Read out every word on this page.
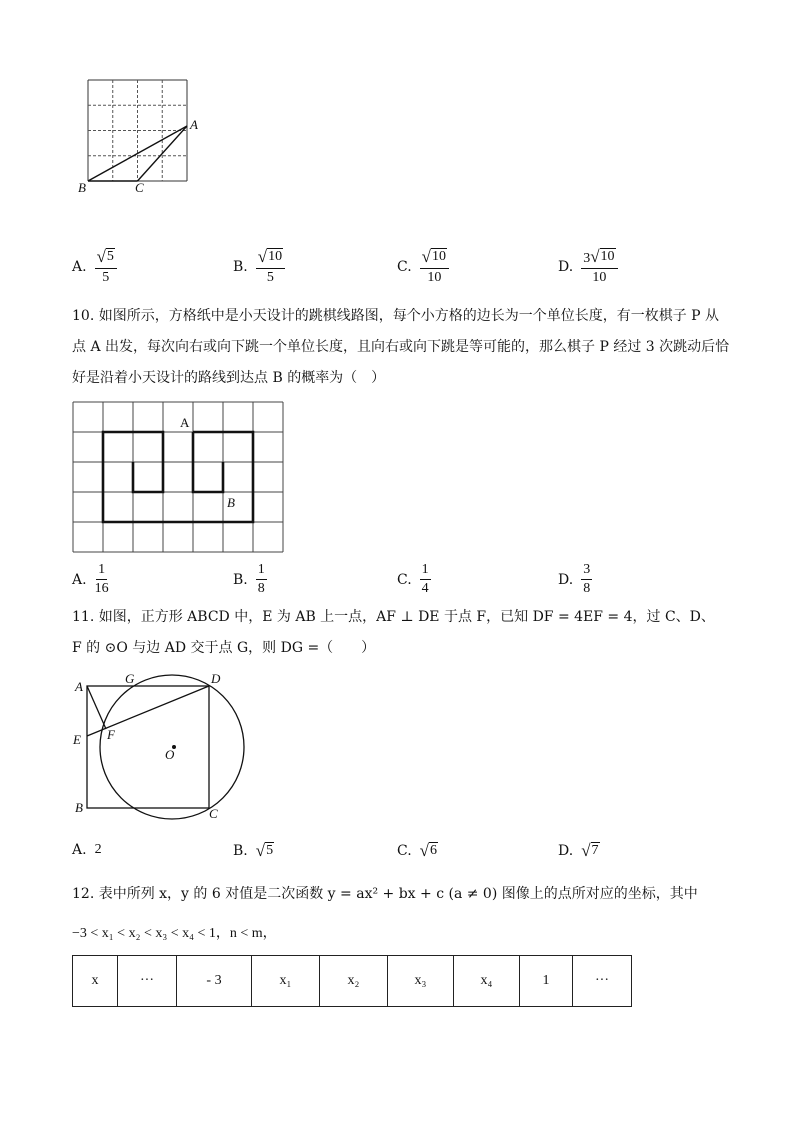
A
B	C
A. $\frac{√ 5}{5}$	B. $\frac{√ 10}{5}$	C. $\frac{√ 10}{10}$	D. $\frac{3 √ 10}{10}$
10. 如图所示，方格纸中是小天设计的跳棋线路图，每个小方格的边长为一个单位长度，有一枚棋子 P 从
点 A 出发，每次向右或向下跳一个单位长度，且向右或向下跳是等可能的，那么棋子 P 经过 3 次跳动后恰
好是沿着小天设计的路线到达点 B 的概率为（　）
A
B
A. $\frac{1}{16}$	B. $\frac{1}{8}$	C. $\frac{1}{4}$	D. $\frac{3}{8}$
11. 如图，正方形 ABCD 中，E 为 AB 上一点，AF ⊥ DE 于点 F，已知 DF = 4EF = 4，过 C、D、
F 的 ⊙O 与边 AD 交于点 G，则 DG =（　　）
A
G	D
E F
O
B	C
A. 2	B. √ 5	C. √ 6	D. √ 7
12. 表中所列 x，y 的 6 对值是二次函数 y = ax² + bx + c (a ≠ 0) 图像上的点所对应的坐标，其中
−3 < x₁ < x₂ < x₃ < x₄ < 1，n < m，
x	···	- 3	x₁	x₂	x₃	x₄	1	···
